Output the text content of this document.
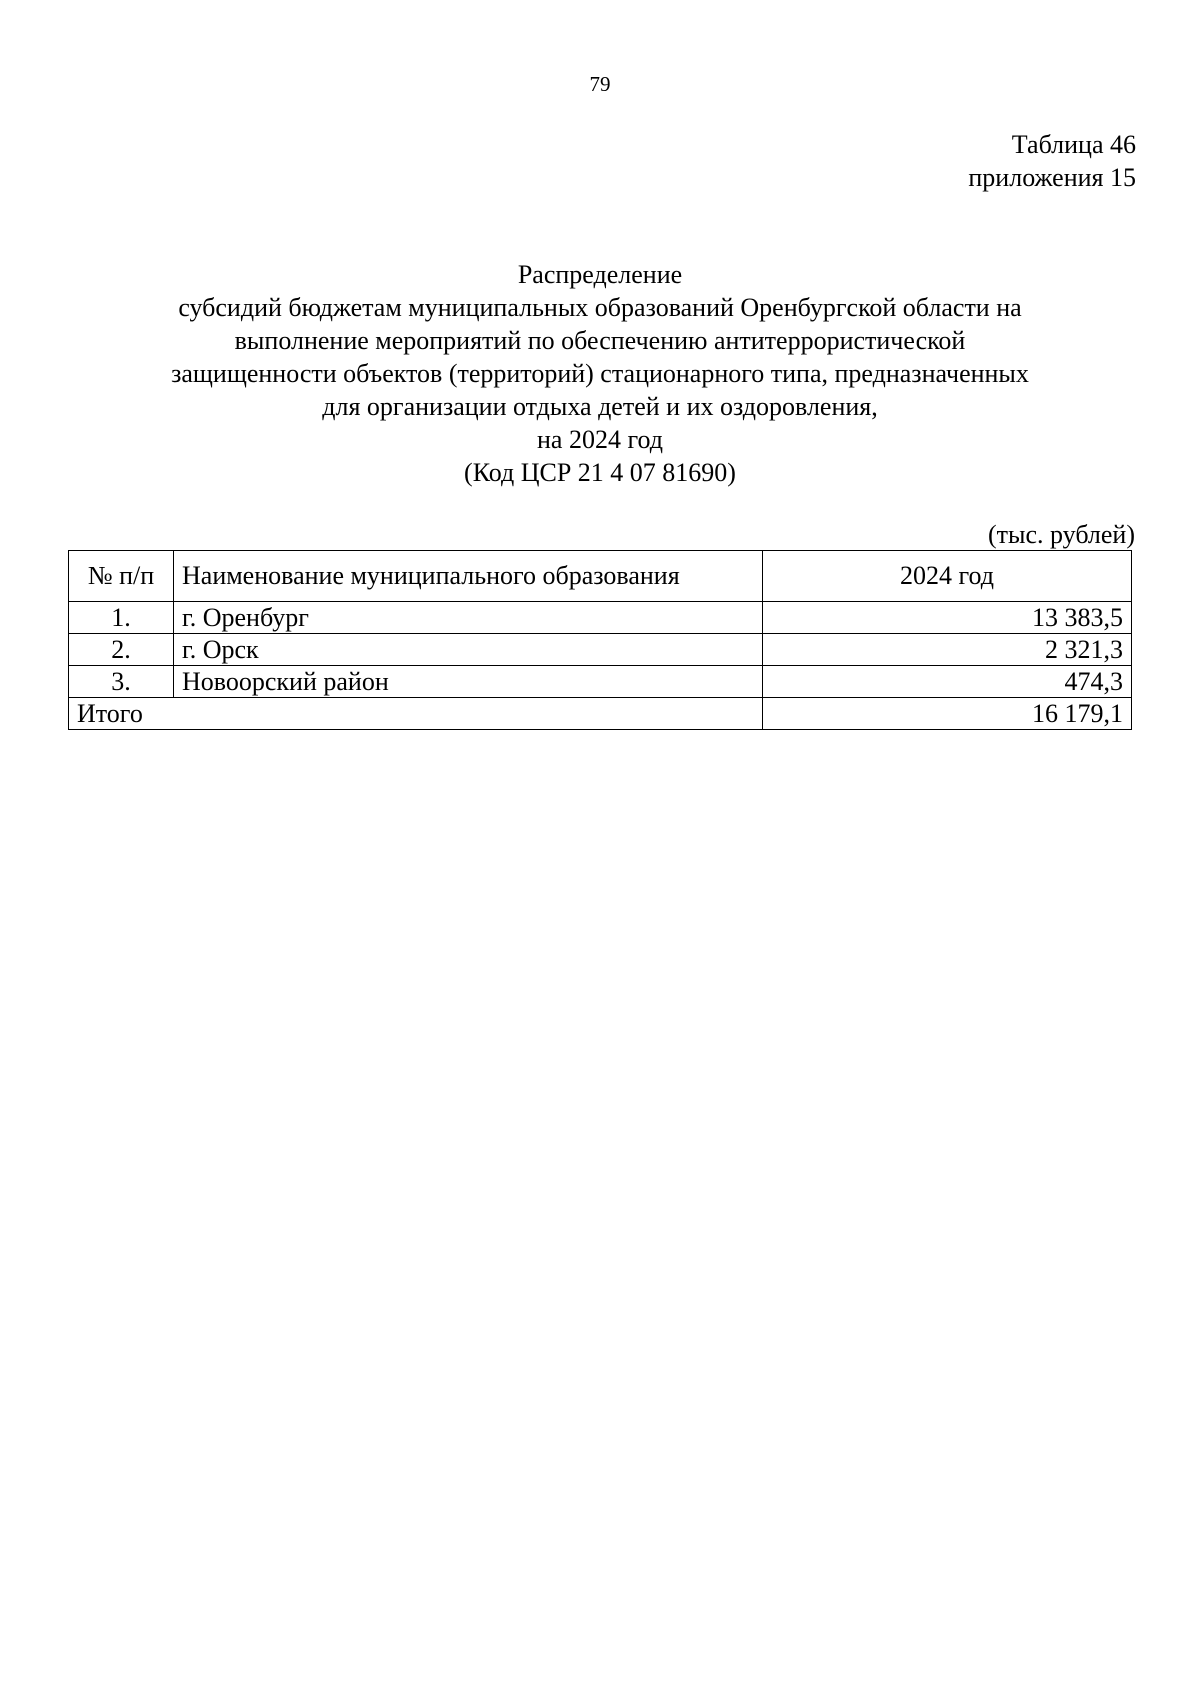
79
Таблица 46
приложения 15
Распределение
субсидий бюджетам муниципальных образований Оренбургской области на
выполнение мероприятий по обеспечению антитеррористической
защищенности объектов (территорий) стационарного типа, предназначенных
для организации отдыха детей и их оздоровления,
на 2024 год
(Код ЦСР 21 4 07 81690)
(тыс. рублей)
№ п/п	Наименование муниципального образования	2024 год
1.	г. Оренбург	13 383,5
2.	г. Орск	2 321,3
3.	Новоорский район	474,3
Итого		16 179,1
